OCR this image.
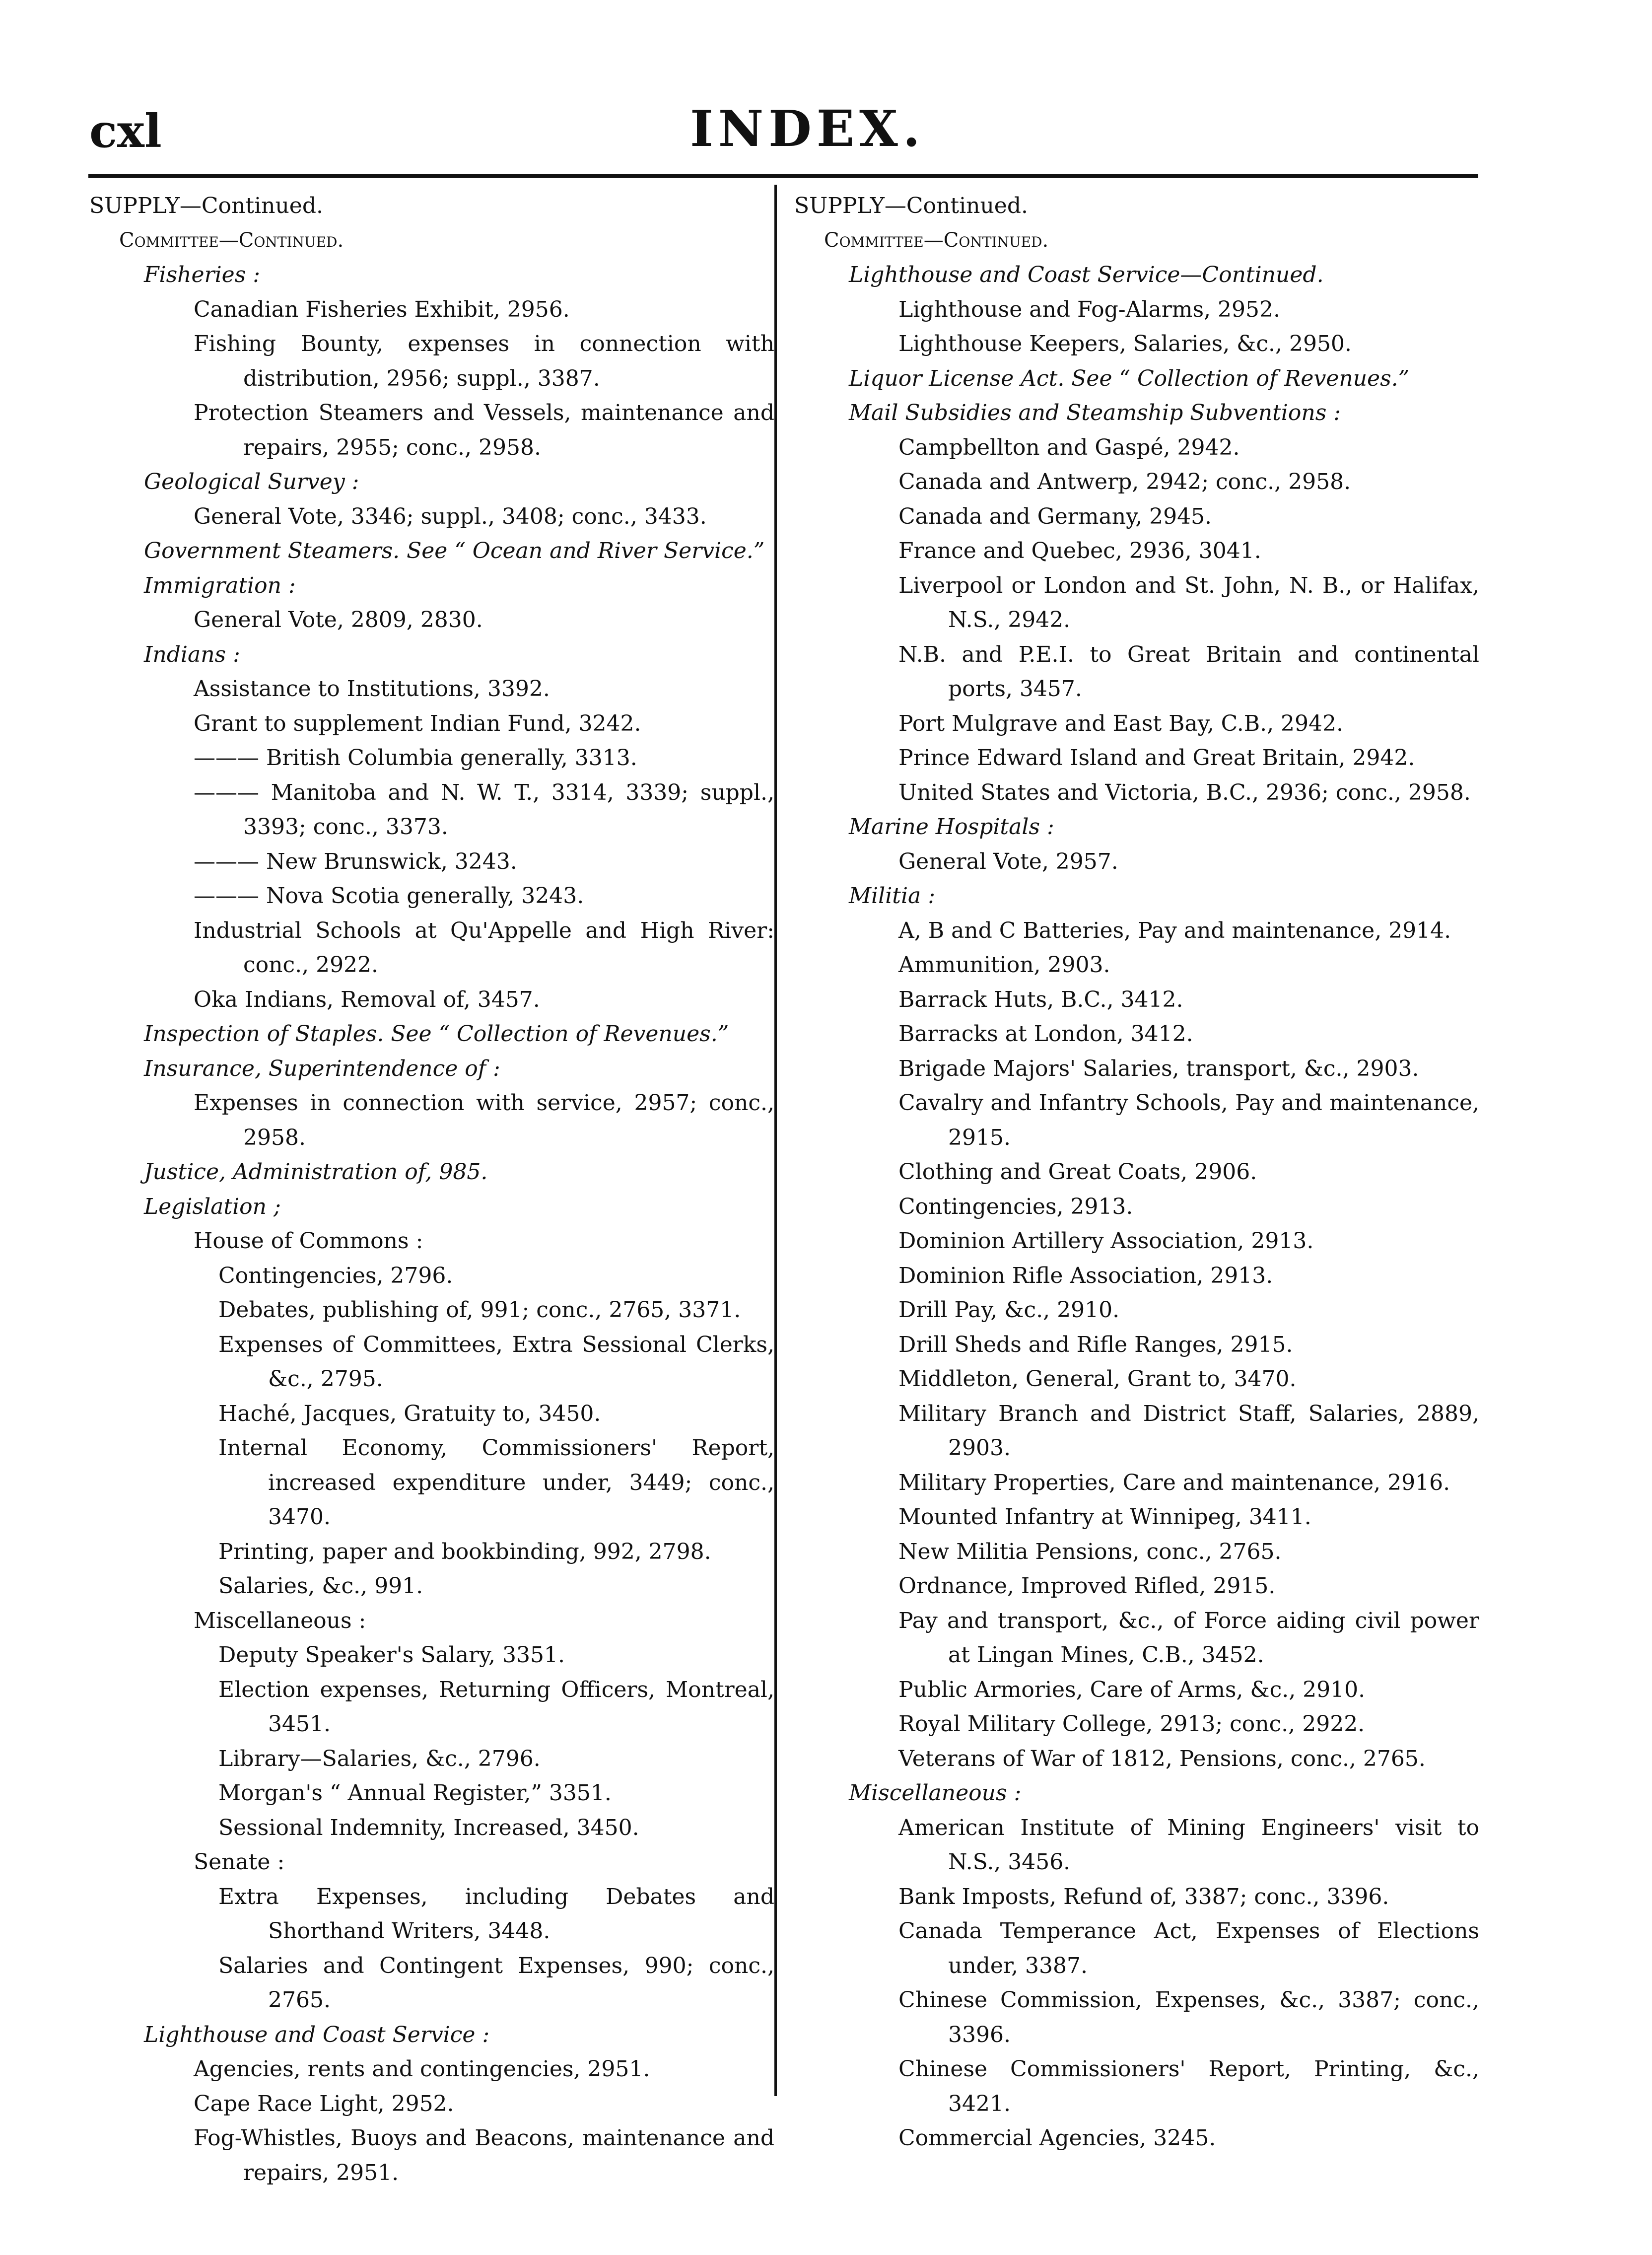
cxl	INDEX.
SUPPLY—Continued.
Committee—Continued.
Fisheries :
Canadian Fisheries Exhibit, 2956.
Fishing Bounty, expenses in connection with distribution, 2956; suppl., 3387.
Protection Steamers and Vessels, maintenance and repairs, 2955; conc., 2958.
Geological Survey :
General Vote, 3346; suppl., 3408; conc., 3433.
Government Steamers. See “ Ocean and River Service.”
Immigration :
General Vote, 2809, 2830.
Indians :
Assistance to Institutions, 3392.
Grant to supplement Indian Fund, 3242.
——— British Columbia generally, 3313.
——— Manitoba and N. W. T., 3314, 3339; suppl., 3393; conc., 3373.
——— New Brunswick, 3243.
——— Nova Scotia generally, 3243.
Industrial Schools at Qu'Appelle and High River: conc., 2922.
Oka Indians, Removal of, 3457.
Inspection of Staples. See “ Collection of Revenues.”
Insurance, Superintendence of :
Expenses in connection with service, 2957; conc., 2958.
Justice, Administration of, 985.
Legislation ;
House of Commons :
Contingencies, 2796.
Debates, publishing of, 991; conc., 2765, 3371.
Expenses of Committees, Extra Sessional Clerks, &c., 2795.
Haché, Jacques, Gratuity to, 3450.
Internal Economy, Commissioners' Report, increased expenditure under, 3449; conc., 3470.
Printing, paper and bookbinding, 992, 2798.
Salaries, &c., 991.
Miscellaneous :
Deputy Speaker's Salary, 3351.
Election expenses, Returning Officers, Montreal, 3451.
Library—Salaries, &c., 2796.
Morgan's “ Annual Register,” 3351.
Sessional Indemnity, Increased, 3450.
Senate :
Extra Expenses, including Debates and Shorthand Writers, 3448.
Salaries and Contingent Expenses, 990; conc., 2765.
Lighthouse and Coast Service :
Agencies, rents and contingencies, 2951.
Cape Race Light, 2952.
Fog-Whistles, Buoys and Beacons, maintenance and repairs, 2951.
SUPPLY—Continued.
Committee—Continued.
Lighthouse and Coast Service—Continued.
Lighthouse and Fog-Alarms, 2952.
Lighthouse Keepers, Salaries, &c., 2950.
Liquor License Act. See “ Collection of Revenues.”
Mail Subsidies and Steamship Subventions :
Campbellton and Gaspé, 2942.
Canada and Antwerp, 2942; conc., 2958.
Canada and Germany, 2945.
France and Quebec, 2936, 3041.
Liverpool or London and St. John, N. B., or Halifax, N.S., 2942.
N.B. and P.E.I. to Great Britain and continental ports, 3457.
Port Mulgrave and East Bay, C.B., 2942.
Prince Edward Island and Great Britain, 2942.
United States and Victoria, B.C., 2936; conc., 2958.
Marine Hospitals :
General Vote, 2957.
Militia :
A, B and C Batteries, Pay and maintenance, 2914.
Ammunition, 2903.
Barrack Huts, B.C., 3412.
Barracks at London, 3412.
Brigade Majors' Salaries, transport, &c., 2903.
Cavalry and Infantry Schools, Pay and maintenance, 2915.
Clothing and Great Coats, 2906.
Contingencies, 2913.
Dominion Artillery Association, 2913.
Dominion Rifle Association, 2913.
Drill Pay, &c., 2910.
Drill Sheds and Rifle Ranges, 2915.
Middleton, General, Grant to, 3470.
Military Branch and District Staff, Salaries, 2889, 2903.
Military Properties, Care and maintenance, 2916.
Mounted Infantry at Winnipeg, 3411.
New Militia Pensions, conc., 2765.
Ordnance, Improved Rifled, 2915.
Pay and transport, &c., of Force aiding civil power at Lingan Mines, C.B., 3452.
Public Armories, Care of Arms, &c., 2910.
Royal Military College, 2913; conc., 2922.
Veterans of War of 1812, Pensions, conc., 2765.
Miscellaneous :
American Institute of Mining Engineers' visit to N.S., 3456.
Bank Imposts, Refund of, 3387; conc., 3396.
Canada Temperance Act, Expenses of Elections under, 3387.
Chinese Commission, Expenses, &c., 3387; conc., 3396.
Chinese Commissioners' Report, Printing, &c., 3421.
Commercial Agencies, 3245.
